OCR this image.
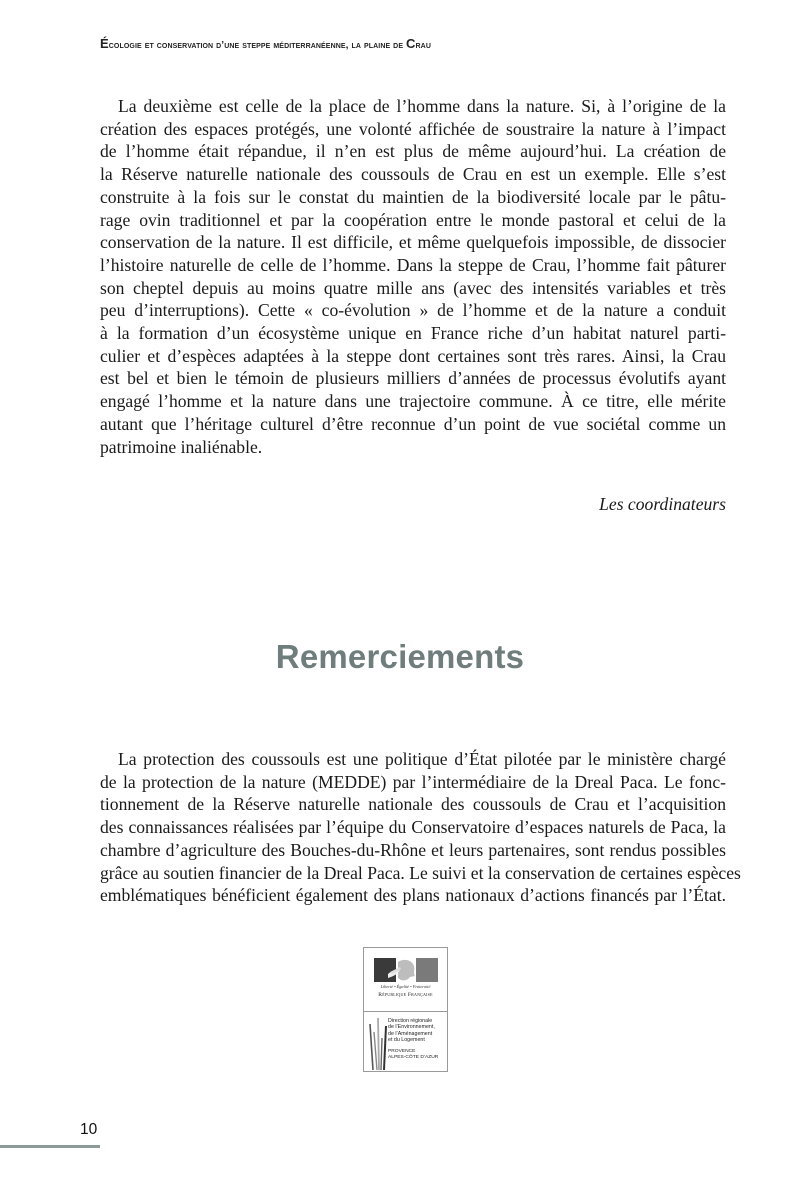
Écologie et conservation d’une steppe méditerranéenne, la plaine de Crau
La deuxième est celle de la place de l’homme dans la nature. Si, à l’origine de la
création des espaces protégés, une volonté affichée de soustraire la nature à l’impact
de l’homme était répandue, il n’en est plus de même aujourd’hui. La création de
la Réserve naturelle nationale des coussouls de Crau en est un exemple. Elle s’est
construite à la fois sur le constat du maintien de la biodiversité locale par le pâtu-
rage ovin traditionnel et par la coopération entre le monde pastoral et celui de la
conservation de la nature. Il est difficile, et même quelquefois impossible, de dissocier
l’histoire naturelle de celle de l’homme. Dans la steppe de Crau, l’homme fait pâturer
son cheptel depuis au moins quatre mille ans (avec des intensités variables et très
peu d’interruptions). Cette « co-évolution » de l’homme et de la nature a conduit
à la formation d’un écosystème unique en France riche d’un habitat naturel parti-
culier et d’espèces adaptées à la steppe dont certaines sont très rares. Ainsi, la Crau
est bel et bien le témoin de plusieurs milliers d’années de processus évolutifs ayant
engagé l’homme et la nature dans une trajectoire commune. À ce titre, elle mérite
autant que l’héritage culturel d’être reconnue d’un point de vue sociétal comme un
patrimoine inaliénable.
Les coordinateurs
Remerciements
La protection des coussouls est une politique d’État pilotée par le ministère chargé
de la protection de la nature (MEDDE) par l’intermédiaire de la Dreal Paca. Le fonc-
tionnement de la Réserve naturelle nationale des coussouls de Crau et l’acquisition
des connaissances réalisées par l’équipe du Conservatoire d’espaces naturels de Paca, la
chambre d’agriculture des Bouches-du-Rhône et leurs partenaires, sont rendus possibles
grâce au soutien financier de la Dreal Paca. Le suivi et la conservation de certaines espèces
emblématiques bénéficient également des plans nationaux d’actions financés par l’État.
Liberté • Égalité • Fraternité
République Française
Direction régionale
de l’Environnement,
de l’Aménagement
et du Logement
PROVENCE
ALPES-CÔTE D’AZUR
10
